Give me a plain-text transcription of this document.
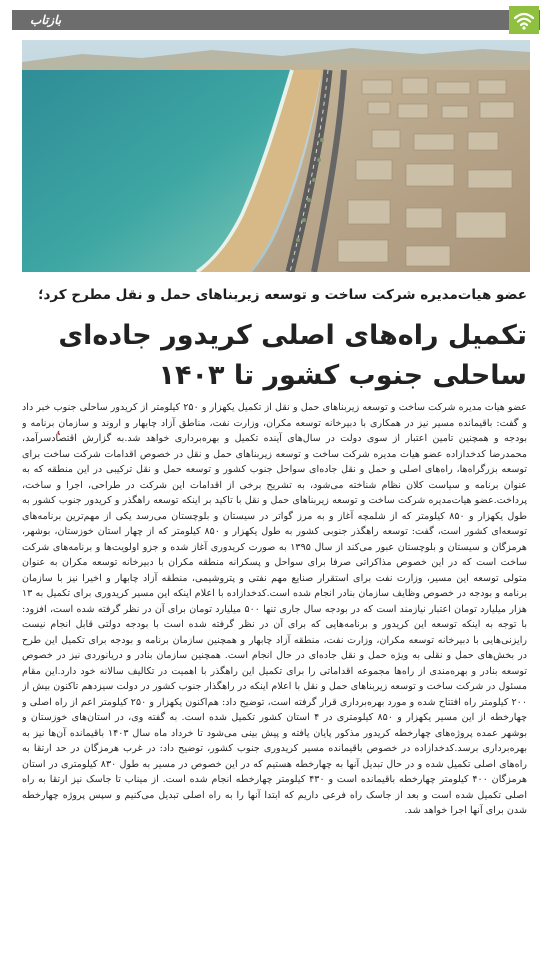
بازتاب
عضو هیات‌مدیره شرکت ساخت و توسعه زیربناهای حمل و نقل مطرح کرد؛
تکمیل راه‌های اصلی کریدور جاده‌ای ساحلی جنوب کشور تا ۱۴۰۳
عضو هیات مدیره شرکت ساخت و توسعه زیربناهای حمل و نقل از تکمیل یکهزار و ۲۵۰ کیلومتر از کریدور ساحلی جنوب خبر داد و گفت: باقیمانده مسیر نیز در همکاری با دبیرخانه توسعه مکران، وزارت نفت، مناطق آزاد چابهار و اروند و سازمان برنامه و بودجه و همچنین تامین اعتبار از سوی دولت در سال‌های آینده تکمیل و بهره‌برداری خواهد شد.به گزارش اقتصادسرآمد، محمدرضا کدخدازاده عضو هیات مدیره شرکت ساخت و توسعه زیربناهای حمل و نقل در خصوص اقدامات شرکت ساخت برای توسعه بزرگراه‌ها، راه‌های اصلی و حمل و نقل جاده‌ای سواحل جنوب کشور و توسعه حمل و نقل ترکیبی در این منطقه که به عنوان برنامه و سیاست کلان نظام شناخته می‌شود، به تشریح برخی از اقدامات این شرکت در طراحی، اجرا و ساخت، پرداخت.عضو هیات‌مدیره شرکت ساخت و توسعه زیربناهای حمل و نقل با تاکید بر اینکه توسعه راهگذر و کریدور جنوب کشور به طول یکهزار و ۸۵۰ کیلومتر که از شلمچه آغاز و به مرز گواتر در سیستان و بلوچستان می‌رسد یکی از مهم‌ترین برنامه‌های توسعه‌ای کشور است، گفت: توسعه راهگذر جنوبی کشور به طول یکهزار و ۸۵۰ کیلومتر که از چهار استان خوزستان، بوشهر، هرمزگان و سیستان و بلوچستان عبور می‌کند از سال ۱۳۹۵ به صورت کریدوری آغاز شده و جزو اولویت‌ها و برنامه‌های شرکت ساخت است که در این خصوص مذاکراتی صرفا برای سواحل و پسکرانه منطقه مکران با دبیرخانه توسعه مکران به عنوان متولی توسعه این مسیر، وزارت نفت برای استقرار صنایع مهم نفتی و پتروشیمی، منطقه آزاد چابهار و اخیرا نیز با سازمان برنامه و بودجه در خصوص وظایف سازمان بنادر انجام شده است.کدخدازاده با اعلام اینکه این مسیر کریدوری برای تکمیل به ۱۳ هزار میلیارد تومان اعتبار نیازمند است که در بودجه سال جاری تنها ۵۰۰ میلیارد تومان برای آن در نظر گرفته شده است، افزود: با توجه به اینکه توسعه این کریدور و برنامه‌هایی که برای آن در نظر گرفته شده است با بودجه دولتی قابل انجام نیست رایزنی‌هایی با دبیرخانه توسعه مکران، وزارت نفت، منطقه آزاد چابهار و همچنین سازمان برنامه و بودجه برای تکمیل این طرح در بخش‌های حمل و نقلی به ویژه حمل و نقل جاده‌ای در حال انجام است. همچنین سازمان بنادر و دریانوردی نیز در خصوص توسعه بنادر و بهره‌مندی از راه‌ها مجموعه اقداماتی را برای تکمیل این راهگذر با اهمیت در تکالیف سالانه خود دارد.این مقام مسئول در شرکت ساخت و توسعه زیربناهای حمل و نقل با اعلام اینکه در راهگذار جنوب کشور در دولت سیزدهم تاکنون بیش از ۲۰۰ کیلومتر راه افتتاح شده و مورد بهره‌برداری قرار گرفته است، توضیح داد: هم‌اکنون یکهزار و ۲۵۰ کیلومتر اعم از راه اصلی و چهارخطه از این مسیر یکهزار و ۸۵۰ کیلومتری در ۴ استان کشور تکمیل شده است. به گفته وی، در استان‌های خوزستان و بوشهر عمده پروژه‌های چهارخطه کریدور مذکور پایان یافته و پیش بینی می‌شود تا خرداد ماه سال ۱۴۰۳ باقیمانده آن‌ها نیز به بهره‌برداری برسد.کدخدازاده در خصوص باقیمانده مسیر کریدوری جنوب کشور، توضیح داد: در غرب هرمزگان در حد ارتقا به راه‌های اصلی تکمیل شده و در حال تبدیل آنها به چهارخطه هستیم که در این خصوص در مسیر به طول ۸۳۰ کیلومتری در استان هرمزگان ۴۰۰ کیلومتر چهارخطه باقیمانده است و ۴۳۰ کیلومتر چهارخطه انجام شده است. از میناب تا جاسک نیز ارتقا به راه اصلی تکمیل شده است و بعد از جاسک راه فرعی داریم که ابتدا آنها را به راه اصلی تبدیل می‌کنیم و سپس پروژه چهارخطه شدن برای آنها اجرا خواهد شد.
